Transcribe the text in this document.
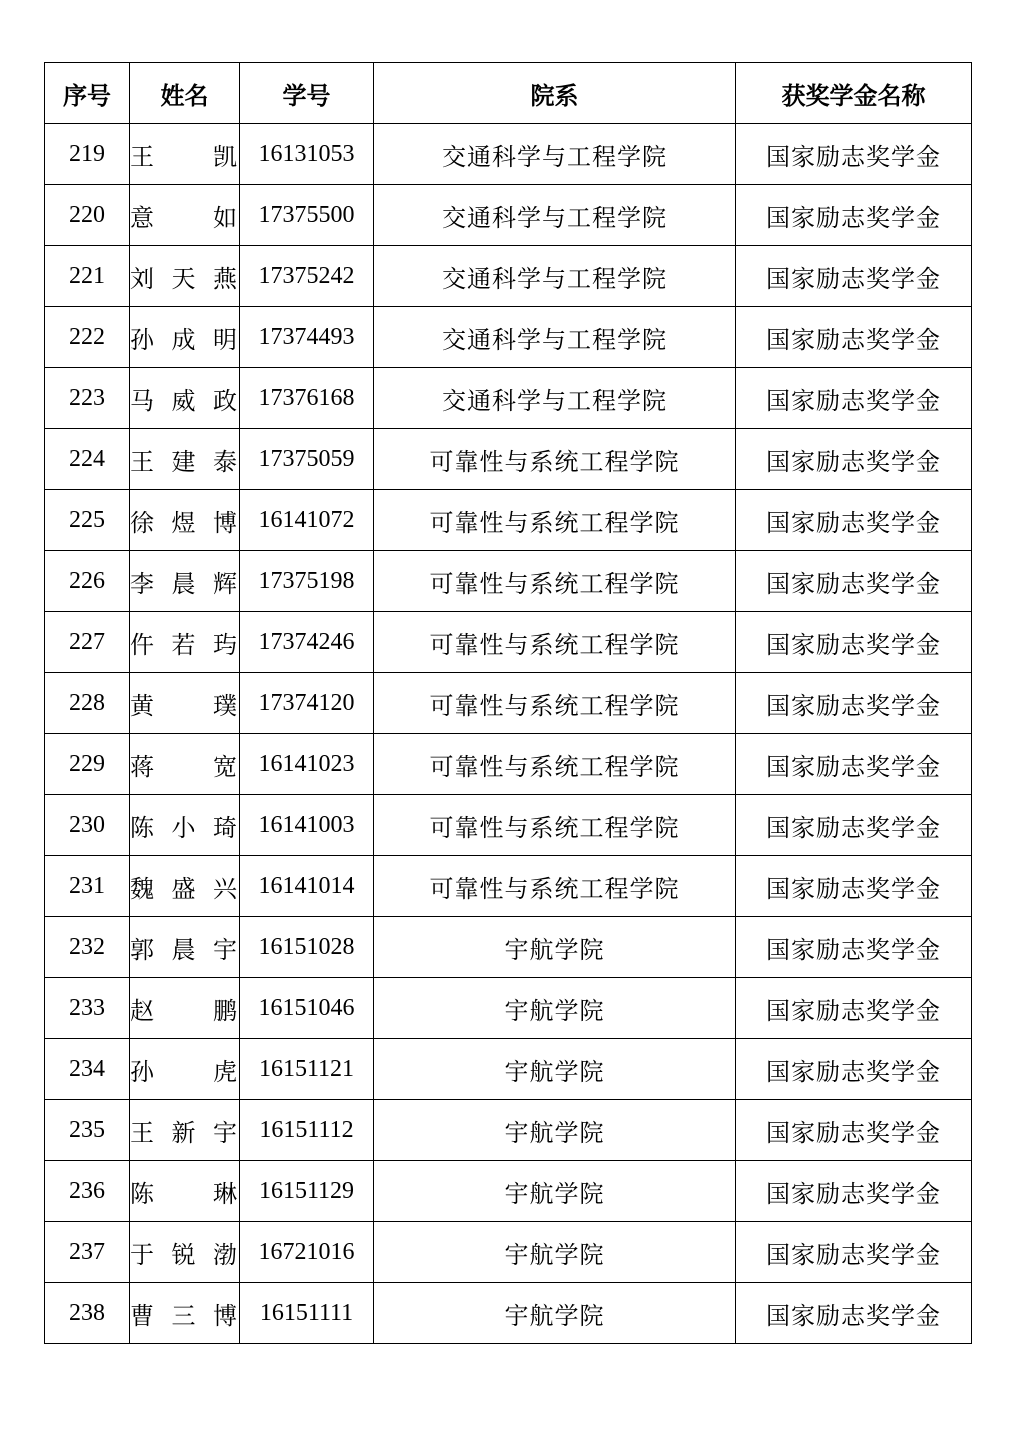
序号	姓名	学号	院系	获奖学金名称
219	王　凯	16131053	交通科学与工程学院	国家励志奖学金
220	意　如	17375500	交通科学与工程学院	国家励志奖学金
221	刘天燕	17375242	交通科学与工程学院	国家励志奖学金
222	孙成明	17374493	交通科学与工程学院	国家励志奖学金
223	马威政	17376168	交通科学与工程学院	国家励志奖学金
224	王建泰	17375059	可靠性与系统工程学院	国家励志奖学金
225	徐煜博	16141072	可靠性与系统工程学院	国家励志奖学金
226	李晨辉	17375198	可靠性与系统工程学院	国家励志奖学金
227	仵若玙	17374246	可靠性与系统工程学院	国家励志奖学金
228	黄　璞	17374120	可靠性与系统工程学院	国家励志奖学金
229	蒋　宽	16141023	可靠性与系统工程学院	国家励志奖学金
230	陈小琦	16141003	可靠性与系统工程学院	国家励志奖学金
231	魏盛兴	16141014	可靠性与系统工程学院	国家励志奖学金
232	郭晨宇	16151028	宇航学院	国家励志奖学金
233	赵　鹏	16151046	宇航学院	国家励志奖学金
234	孙　虎	16151121	宇航学院	国家励志奖学金
235	王新宇	16151112	宇航学院	国家励志奖学金
236	陈　琳	16151129	宇航学院	国家励志奖学金
237	于锐渤	16721016	宇航学院	国家励志奖学金
238	曹三博	16151111	宇航学院	国家励志奖学金
